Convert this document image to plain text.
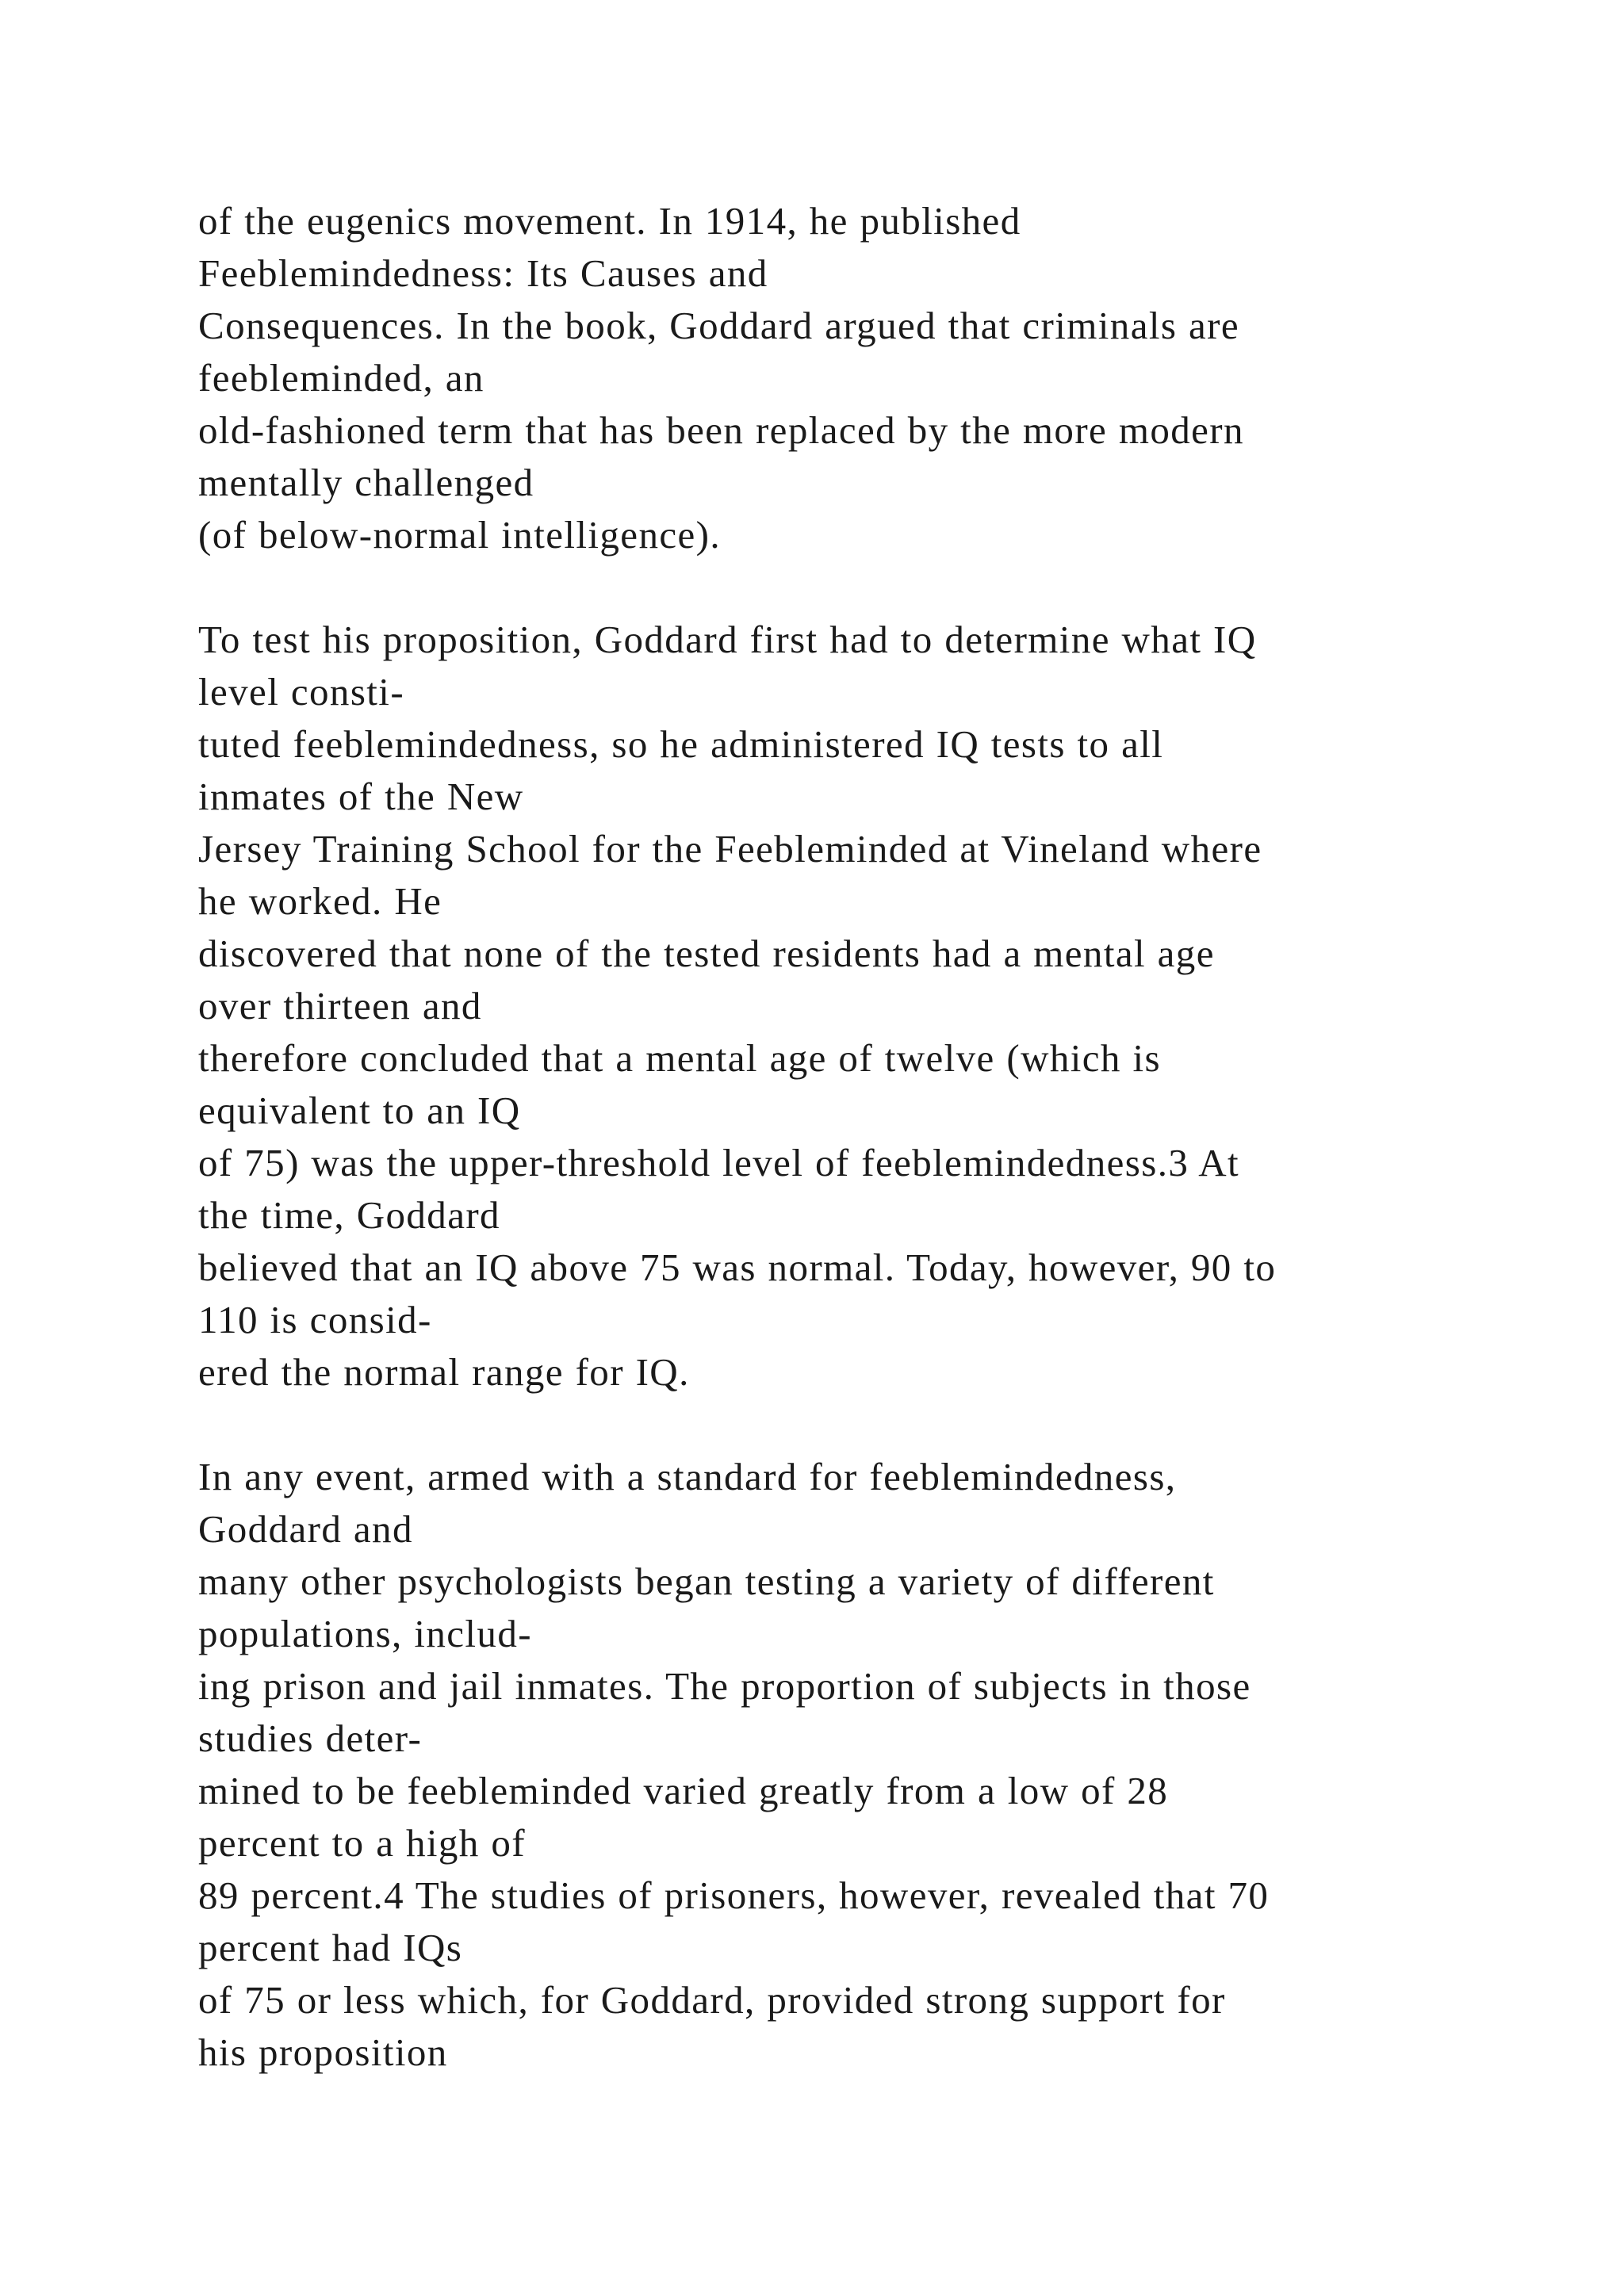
of the eugenics movement. In 1914, he published
Feeblemindedness: Its Causes and
Consequences. In the book, Goddard argued that criminals are
feebleminded, an
old-fashioned term that has been replaced by the more modern
mentally challenged
(of below-normal intelligence).
To test his proposition, Goddard first had to determine what IQ
level consti-
tuted feeblemindedness, so he administered IQ tests to all
inmates of the New
Jersey Training School for the Feebleminded at Vineland where
he worked. He
discovered that none of the tested residents had a mental age
over thirteen and
therefore concluded that a mental age of twelve (which is
equivalent to an IQ
of 75) was the upper-threshold level of feeblemindedness.3 At
the time, Goddard
believed that an IQ above 75 was normal. Today, however, 90 to
110 is consid-
ered the normal range for IQ.
In any event, armed with a standard for feeblemindedness,
Goddard and
many other psychologists began testing a variety of different
populations, includ-
ing prison and jail inmates. The proportion of subjects in those
studies deter-
mined to be feebleminded varied greatly from a low of 28
percent to a high of
89 percent.4 The studies of prisoners, however, revealed that 70
percent had IQs
of 75 or less which, for Goddard, provided strong support for
his proposition
